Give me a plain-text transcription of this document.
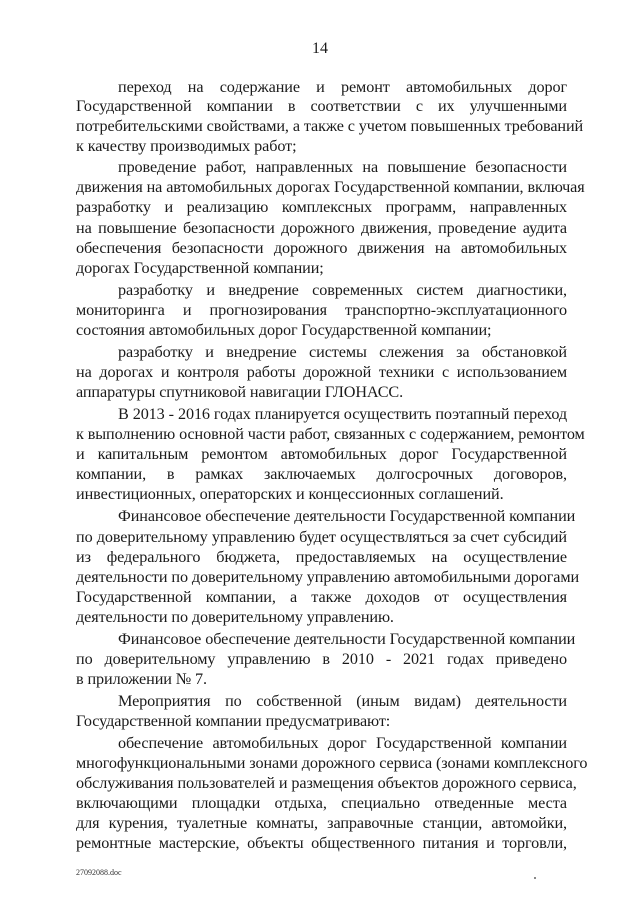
14
переход на содержание и ремонт автомобильных дорог
Государственной компании в соответствии с их улучшенными
потребительскими свойствами, а также с учетом повышенных требований
к качеству производимых работ;
проведение работ, направленных на повышение безопасности
движения на автомобильных дорогах Государственной компании, включая
разработку и реализацию комплексных программ, направленных
на повышение безопасности дорожного движения, проведение аудита
обеспечения безопасности дорожного движения на автомобильных
дорогах Государственной компании;
разработку и внедрение современных систем диагностики,
мониторинга и прогнозирования транспортно-эксплуатационного
состояния автомобильных дорог Государственной компании;
разработку и внедрение системы слежения за обстановкой
на дорогах и контроля работы дорожной техники с использованием
аппаратуры спутниковой навигации ГЛОНАСС.
В 2013 - 2016 годах планируется осуществить поэтапный переход
к выполнению основной части работ, связанных с содержанием, ремонтом
и капитальным ремонтом автомобильных дорог Государственной
компании, в рамках заключаемых долгосрочных договоров,
инвестиционных, операторских и концессионных соглашений.
Финансовое обеспечение деятельности Государственной компании
по доверительному управлению будет осуществляться за счет субсидий
из федерального бюджета, предоставляемых на осуществление
деятельности по доверительному управлению автомобильными дорогами
Государственной компании, а также доходов от осуществления
деятельности по доверительному управлению.
Финансовое обеспечение деятельности Государственной компании
по доверительному управлению в 2010 - 2021 годах приведено
в приложении № 7.
Мероприятия по собственной (иным видам) деятельности
Государственной компании предусматривают:
обеспечение автомобильных дорог Государственной компании
многофункциональными зонами дорожного сервиса (зонами комплексного
обслуживания пользователей и размещения объектов дорожного сервиса,
включающими площадки отдыха, специально отведенные места
для курения, туалетные комнаты, заправочные станции, автомойки,
ремонтные мастерские, объекты общественного питания и торговли,
27092088.doc
